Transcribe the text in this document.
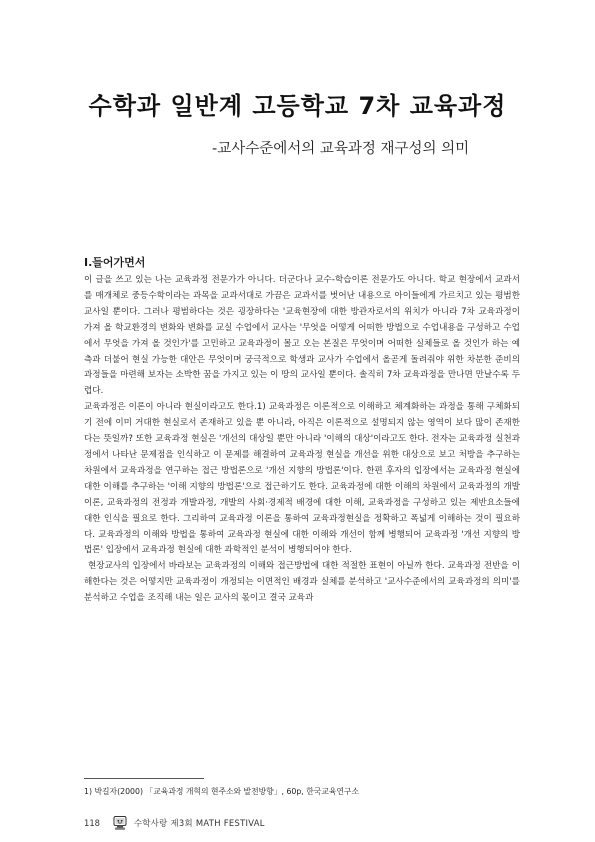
수학과 일반계 고등학교 7차 교육과정
-교사수준에서의 교육과정 재구성의 의미
Ⅰ.들어가면서

이 글을 쓰고 있는 나는 교육과정 전문가가 아니다. 더군다나 교수-학습이론 전문가도 아니다. 학교 현장에서 교과서를 매개체로 중등수학이라는 과목을 교과서대로 가끔은 교과서를 벗어난 내용으로 아이들에게 가르치고 있는 평범한 교사일 뿐이다. 그러나 평범하다는 것은 굉장하다는 '교육현장에 대한 방관자로서의 위치가 아니라 7차 교육과정이 가져 올 학교환경의 변화와 변화를 교실 수업에서 교사는 '무엇을 어떻게 어떠한 방법으로 수업내용을 구성하고 수업에서 무엇을 가져 올 것인가'를 고민하고 교육과정이 몰고 오는 본질은 무엇이며 어떠한 실체들로 올 것인가 하는 예측과 더불어 현실 가능한 대안은 무엇이며 궁극적으로 학생과 교사가 수업에서 올곧게 돌려줘야 위한 차분한 준비의 과정들을 마련해 보자는 소박한 꿈을 가지고 있는 이 땅의 교사일 뿐이다. 솔직히 7차 교육과정을 만나면 만날수록 두렵다.

교육과정은 이론이 아니라 현실이라고도 한다.1) 교육과정은 이론적으로 이해하고 체계화하는 과정을 통해 구체화되기 전에 이미 거대한 현실로서 존재하고 있을 뿐 아니라, 아직은 이론적으로 설명되지 않는 영역이 보다 많이 존재한다는 뜻일까? 또한 교육과정 현실은 '개선의 대상일 뿐만 아니라 '이해의 대상'이라고도 한다. 전자는 교육과정 실천과정에서 나타난 문제점을 인식하고 이 문제를 해결하여 교육과정 현실을 개선을 위한 대상으로 보고 처방을 추구하는 차원에서 교육과정을 연구하는 접근 방법론으로 '개선 지향의 방법론'이다. 한편 후자의 입장에서는 교육과정 현실에 대한 이해를 추구하는 '이해 지향의 방법론'으로 접근하기도 한다. 교육과정에 대한 이해의 차원에서 교육과정의 개발이론, 교육과정의 전정과 개발과정, 개발의 사회·경제적 배경에 대한 이해, 교육과정을 구성하고 있는 제반요소들에 대한 인식을 필요로 한다. 그리하여 교육과정 이론을 통하여 교육과정현실을 정확하고 폭넓게 이해하는 것이 필요하다. 교육과정의 이해와 방법을 통하여 교육과정 현실에 대한 이해와 개선이 함께 병행되어 교육과정 '개선 지향의 방법론' 입장에서 교육과정 현실에 대한 과학적인 분석이 병행되어야 한다.

현장교사의 입장에서 바라보는 교육과정의 이해와 접근방법에 대한 적절한 표현이 아닐까 한다. 교육과정 전반을 이해한다는 것은 어떻지만 교육과정이 개정되는 이면적인 배경과 실체를 분석하고 '교사수준에서의 교육과정의 의미'를 분석하고 수업을 조직해 내는 일은 교사의 몫이고 결국 교육과

1) 박길자(2000) 「교육과정 개혁의 현주소와 발전방향」, 60p, 한국교육연구소
118	수학사랑 제3회 MATH FESTIVAL
